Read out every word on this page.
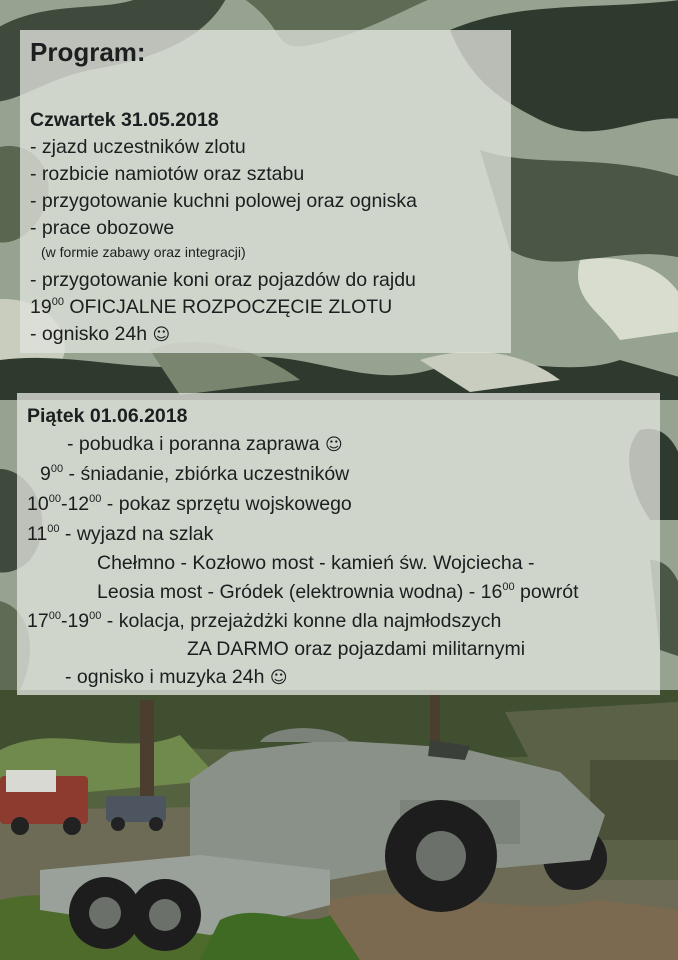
Program:
Czwartek 31.05.2018
- zjazd uczestników zlotu
- rozbicie namiotów oraz sztabu
- przygotowanie kuchni polowej oraz ogniska
- prace obozowe
(w formie zabawy oraz integracji)
- przygotowanie koni oraz pojazdów do rajdu
$19^{00}$ OFICJALNE ROZPOCZĘCIE ZLOTU
- ognisko 24h ☺
Piątek 01.06.2018
- pobudka i poranna zaprawa ☺
$9^{00}$ - śniadanie, zbiórka uczestników
$10^{00}-12^{00}$ - pokaz sprzętu wojskowego
$11^{00}$ - wyjazd na szlak
Chełmno - Kozłowo most - kamień św. Wojciecha -
Leosia most - Gródek (elektrownia wodna) - $16^{00}$ powrót
$17^{00}-19^{00}$ - kolacja, przejażdżki konne dla najmłodszych
ZA DARMO oraz pojazdami militarnymi
- ognisko i muzyka 24h ☺
